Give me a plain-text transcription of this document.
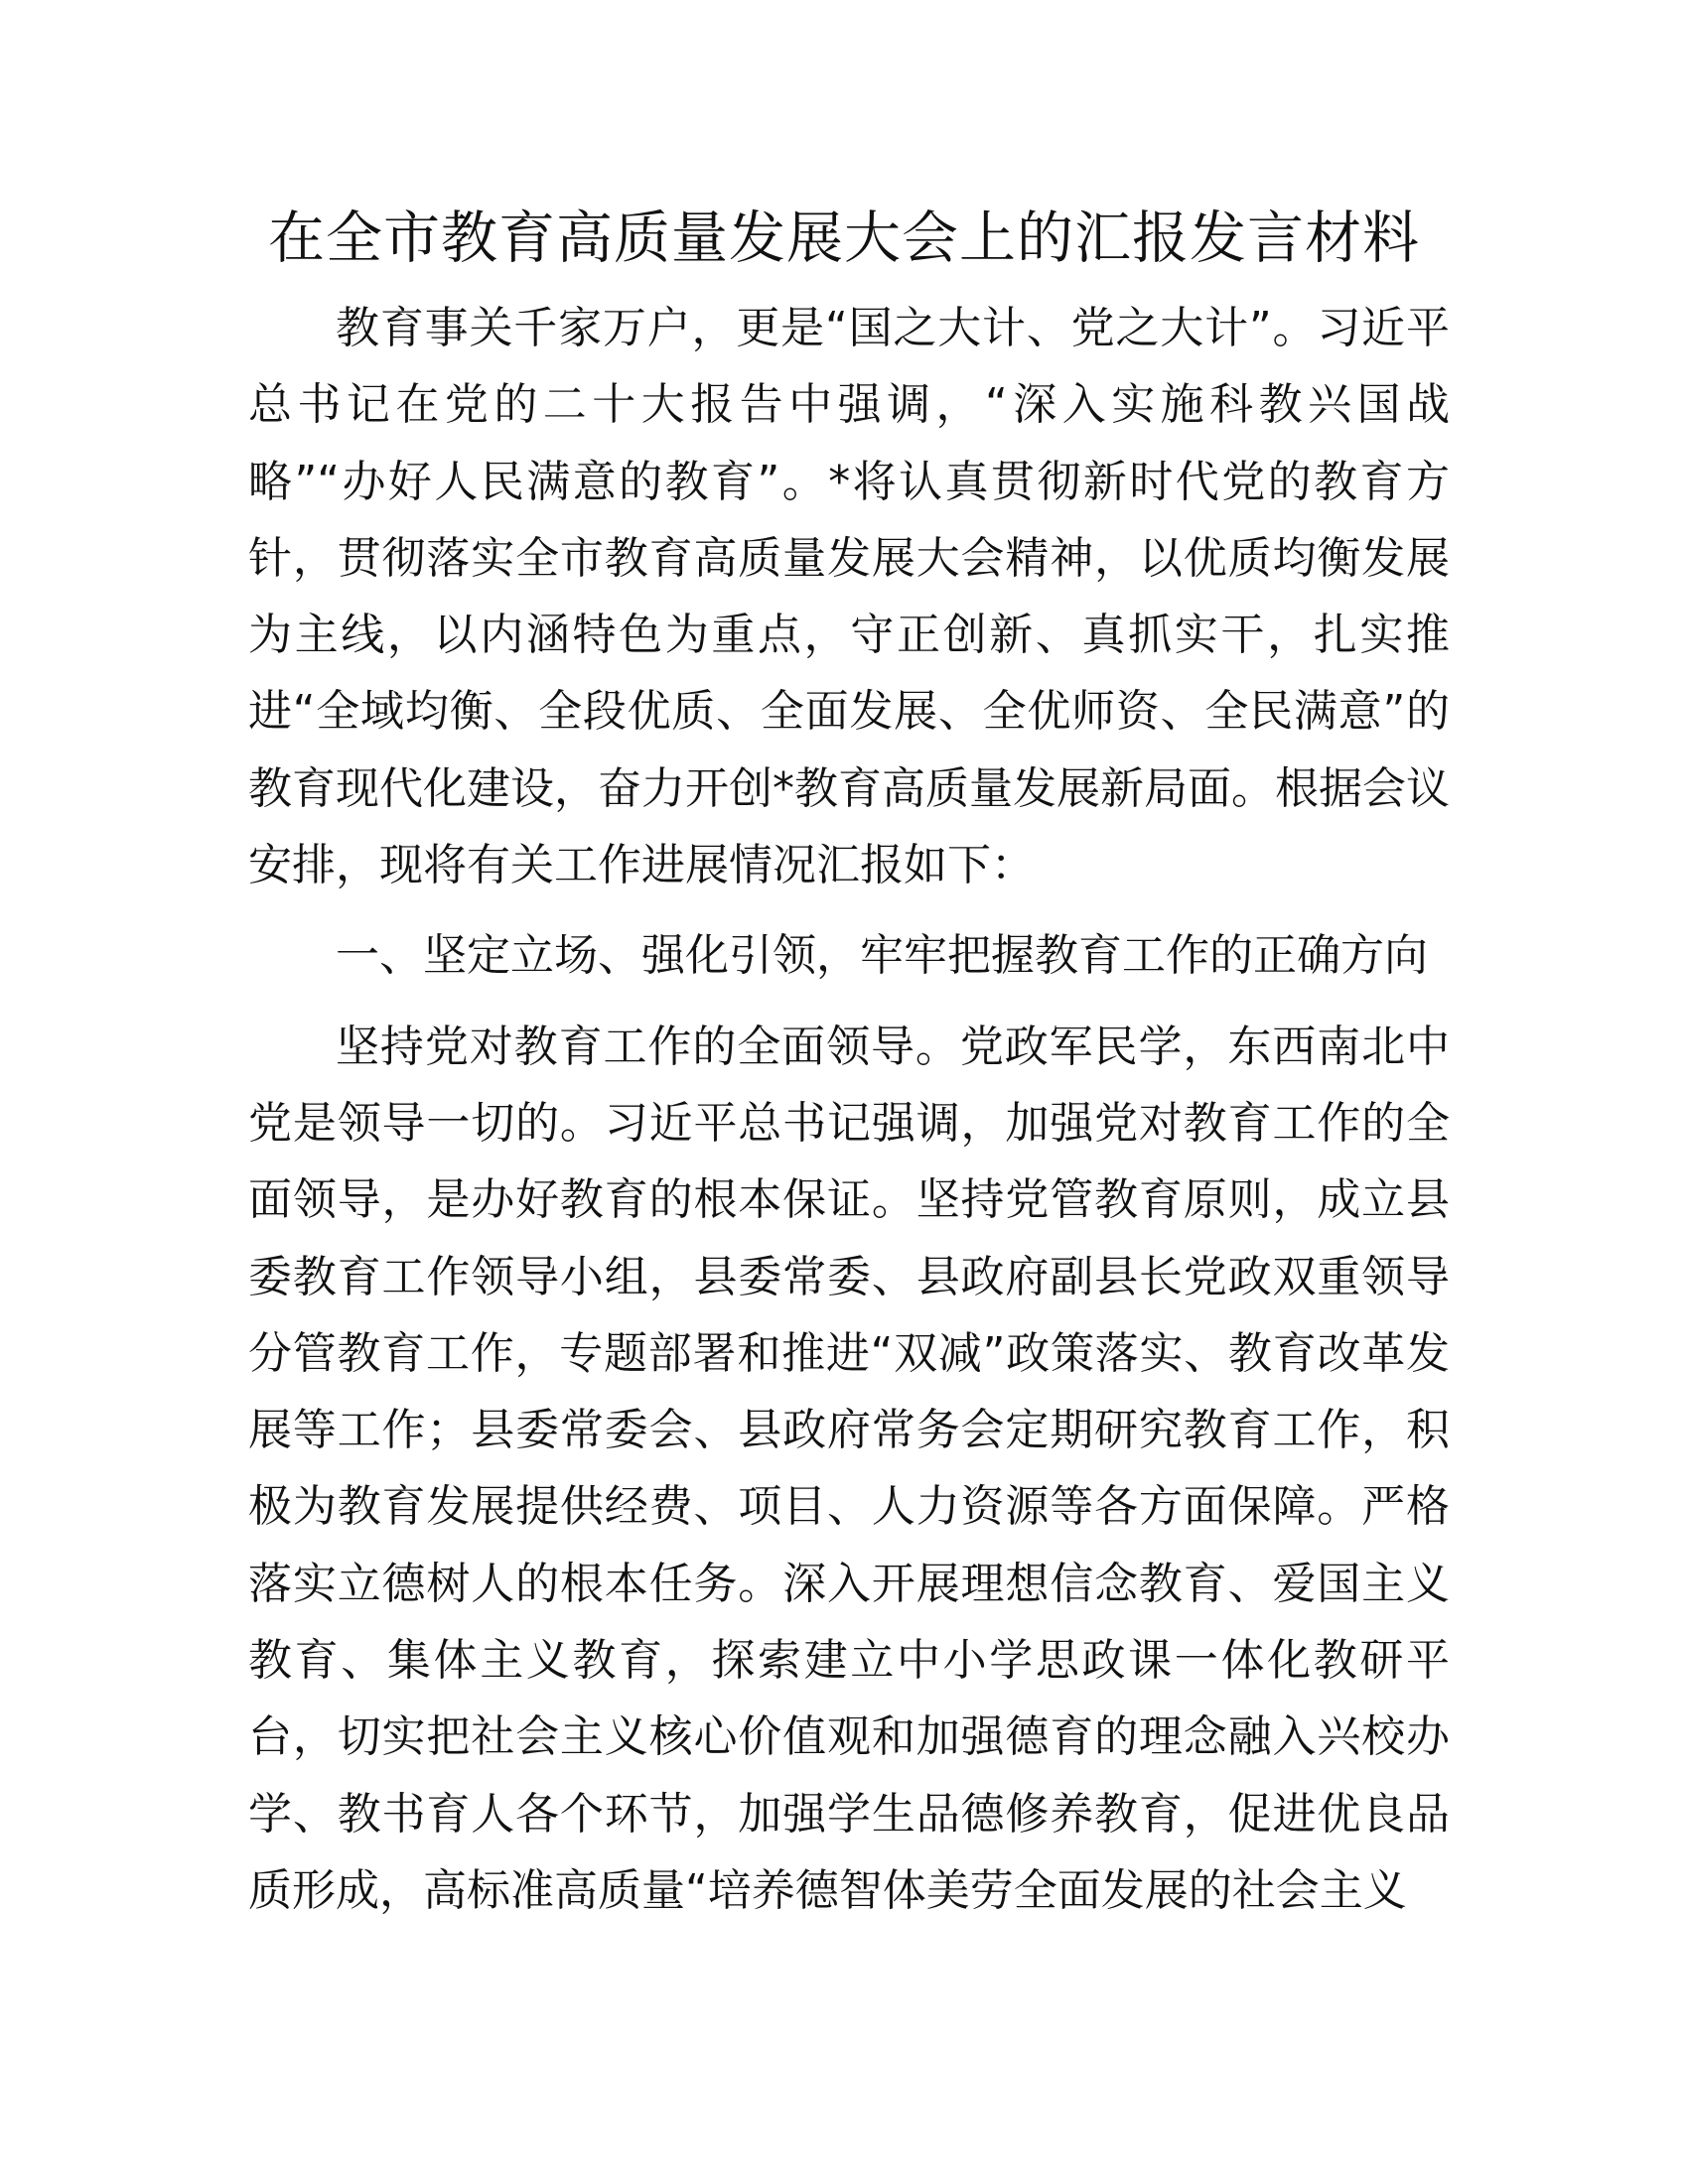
在全市教育高质量发展大会上的汇报发言材料

教育事关千家万户，更是“国之大计、党之大计”。习近平总书记在党的二十大报告中强调，“深入实施科教兴国战略”“办好人民满意的教育”。*将认真贯彻新时代党的教育方针，贯彻落实全市教育高质量发展大会精神，以优质均衡发展为主线，以内涵特色为重点，守正创新、真抓实干，扎实推进“全域均衡、全段优质、全面发展、全优师资、全民满意”的教育现代化建设，奋力开创*教育高质量发展新局面。根据会议安排，现将有关工作进展情况汇报如下：

一、坚定立场、强化引领，牢牢把握教育工作的正确方向

坚持党对教育工作的全面领导。党政军民学，东西南北中党是领导一切的。习近平总书记强调，加强党对教育工作的全面领导，是办好教育的根本保证。坚持党管教育原则，成立县委教育工作领导小组，县委常委、县政府副县长党政双重领导分管教育工作，专题部署和推进“双减”政策落实、教育改革发展等工作；县委常委会、县政府常务会定期研究教育工作，积极为教育发展提供经费、项目、人力资源等各方面保障。严格落实立德树人的根本任务。深入开展理想信念教育、爱国主义教育、集体主义教育，探索建立中小学思政课一体化教研平台，切实把社会主义核心价值观和加强德育的理念融入兴校办学、教书育人各个环节，加强学生品德修养教育，促进优良品质形成，高标准高质量“培养德智体美劳全面发展的社会主义
